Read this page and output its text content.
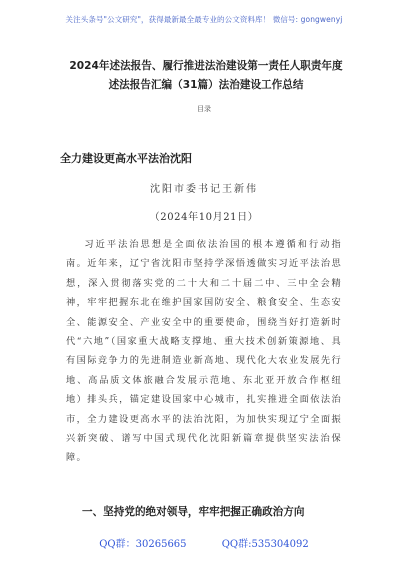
关注头条号"公文研究"，获得最新最全最专业的公文资料库！ 微信号: gongwenyj
2024年述法报告、履行推进法治建设第一责任人职责年度
述法报告汇编（31篇）法治建设工作总结
目录
全力建设更高水平法治沈阳
沈阳市委书记王新伟
（2024年10月21日）

习近平法治思想是全面依法治国的根本遵循和行动指南。近年来，辽宁省沈阳市坚持学深悟透做实习近平法治思想，深入贯彻落实党的二十大和二十届二中、三中全会精神，牢牢把握东北在维护国家国防安全、粮食安全、生态安全、能源安全、产业安全中的重要使命，围绕当好打造新时代“六地”（国家重大战略支撑地、重大技术创新策源地、具有国际竞争力的先进制造业新高地、现代化大农业发展先行地、高品质文体旅融合发展示范地、东北亚开放合作枢纽地）排头兵，锚定建设国家中心城市，扎实推进全面依法治市，全力建设更高水平的法治沈阳，为加快实现辽宁全面振兴新突破、谱写中国式现代化沈阳新篇章提供坚实法治保障。

一、坚持党的绝对领导，牢牢把握正确政治方向
QQ群：30265665	QQ群:535304092
